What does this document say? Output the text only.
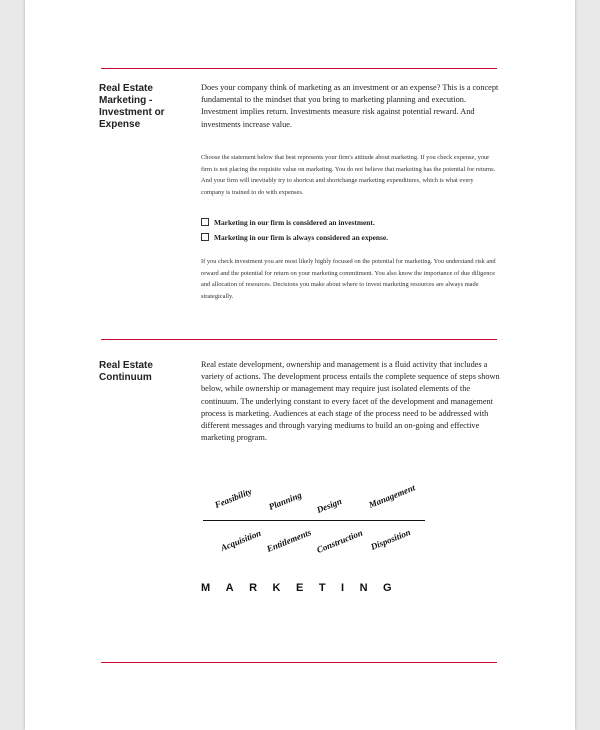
Real Estate Marketing - Investment or Expense

Does your company think of marketing as an investment or an expense? This is a concept fundamental to the mindset that you bring to marketing planning and execution. Investment implies return. Investments measure risk against potential reward. And investments increase value.

Choose the statement below that best represents your firm's attitude about marketing. If you check expense, your firm is not placing the requisite value on marketing. You do not believe that marketing has the potential for returns. And your firm will inevitably try to shortcut and shortchange marketing expenditures, which is what every company is trained to do with expenses.

Marketing in our firm is considered an investment.
Marketing in our firm is always considered an expense.

If you check investment you are most likely highly focused on the potential for marketing. You understand risk and reward and the potential for return on your marketing commitment. You also know the importance of due diligence and allocation of resources. Decisions you make about where to invest marketing resources are always made strategically.

Real Estate Continuum

Real estate development, ownership and management is a fluid activity that includes a variety of actions. The development process entails the complete sequence of steps shown below, while ownership or management may require just isolated elements of the continuum. The underlying constant to every facet of the development and management process is marketing. Audiences at each stage of the process need to be addressed with different messages and through varying mediums to build an on-going and effective marketing program.

Feasibility Planning Design	Management
Acquisition Entitlements Construction Disposition

MARKETING
